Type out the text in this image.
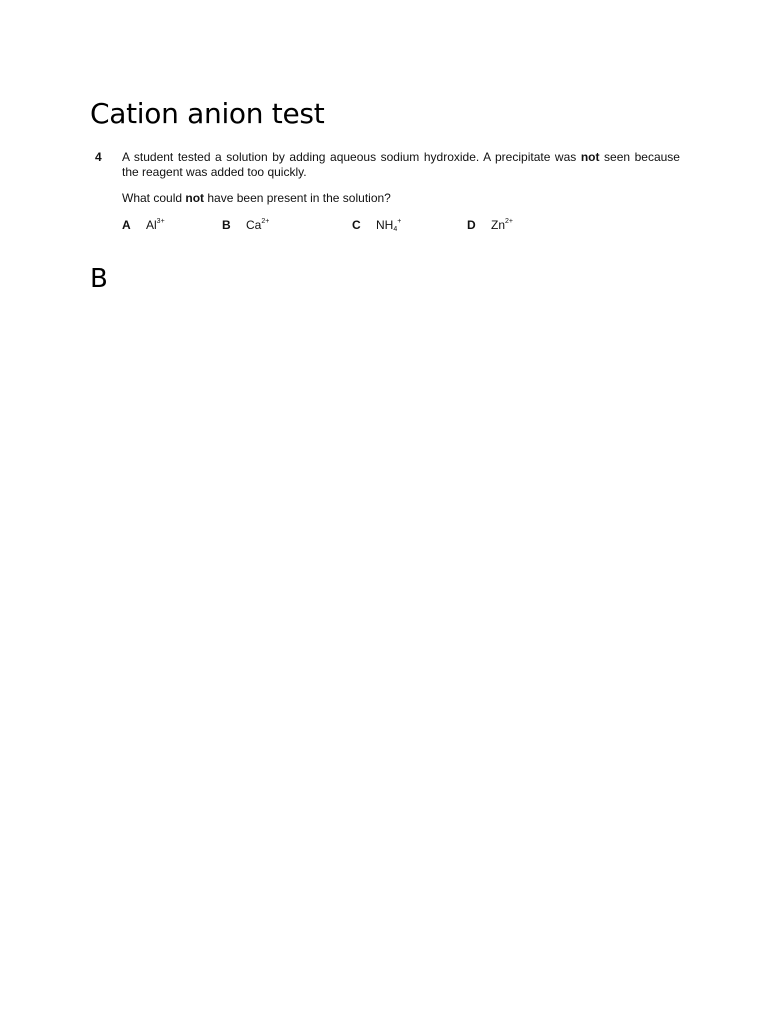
Cation anion test
4	A student tested a solution by adding aqueous sodium hydroxide. A precipitate was not seen because the reagent was added too quickly.
What could not have been present in the solution?
A $Al^{3+}$	B $Ca^{2+}$	C $NH_4^+$	D $Zn^{2+}$

B
